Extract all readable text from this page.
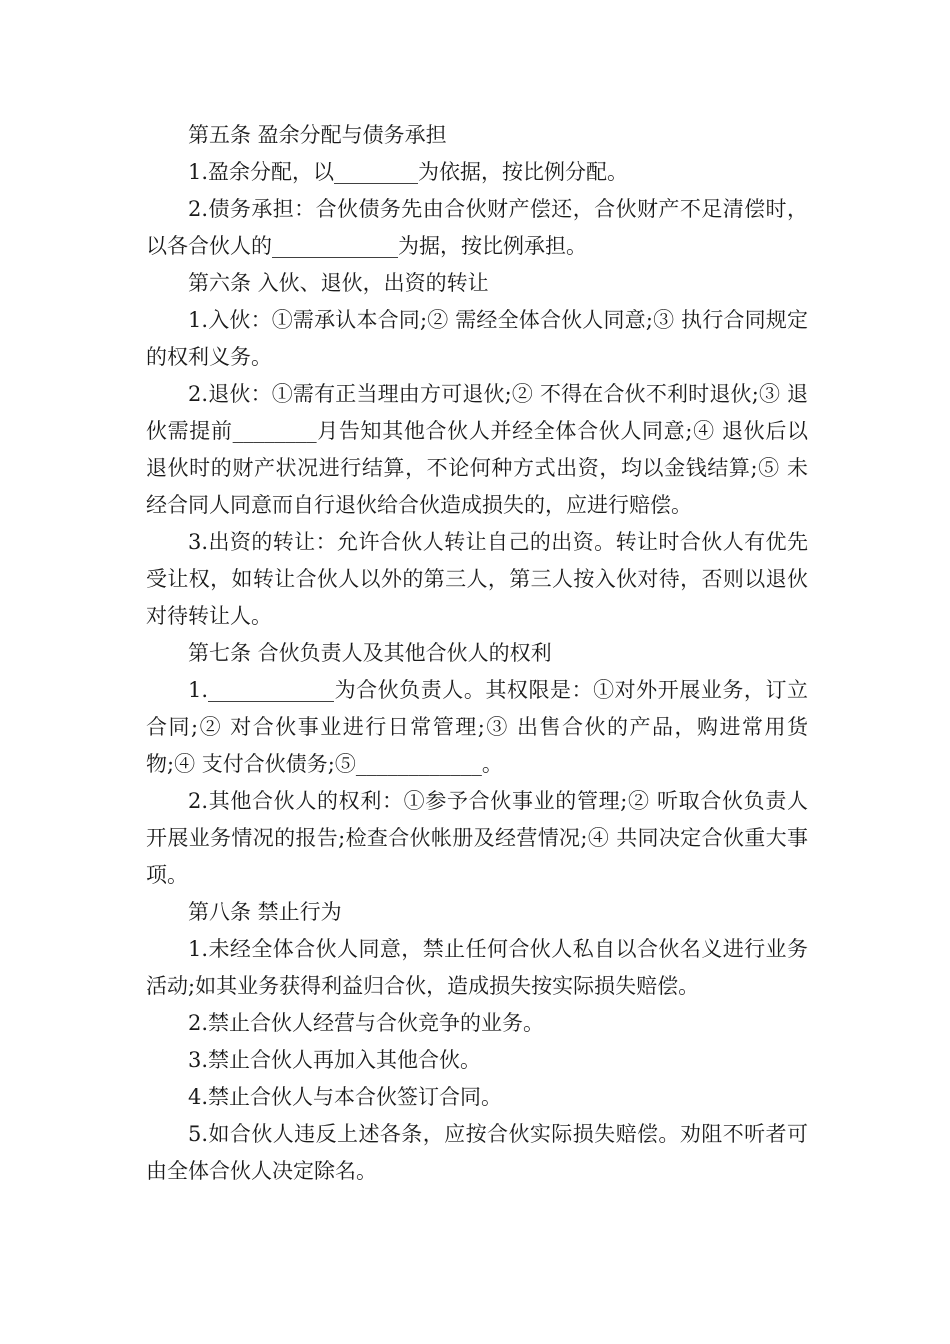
第五条 盈余分配与债务承担

1.盈余分配，以________为依据，按比例分配。

2.债务承担：合伙债务先由合伙财产偿还，合伙财产不足清偿时，以各合伙人的____________为据，按比例承担。

第六条 入伙、退伙，出资的转让

1.入伙：①需承认本合同;② 需经全体合伙人同意;③ 执行合同规定的权利义务。

2.退伙：①需有正当理由方可退伙;② 不得在合伙不利时退伙;③ 退伙需提前________月告知其他合伙人并经全体合伙人同意;④ 退伙后以退伙时的财产状况进行结算，不论何种方式出资，均以金钱结算;⑤ 未经合同人同意而自行退伙给合伙造成损失的，应进行赔偿。

3.出资的转让：允许合伙人转让自己的出资。转让时合伙人有优先受让权，如转让合伙人以外的第三人，第三人按入伙对待，否则以退伙对待转让人。

第七条 合伙负责人及其他合伙人的权利

1.____________为合伙负责人。其权限是：①对外开展业务，订立合同;② 对合伙事业进行日常管理;③ 出售合伙的产品，购进常用货物;④ 支付合伙债务;⑤____________。

2.其他合伙人的权利：①参予合伙事业的管理;② 听取合伙负责人开展业务情况的报告;检查合伙帐册及经营情况;④ 共同决定合伙重大事项。

第八条 禁止行为

1.未经全体合伙人同意，禁止任何合伙人私自以合伙名义进行业务活动;如其业务获得利益归合伙，造成损失按实际损失赔偿。

2.禁止合伙人经营与合伙竞争的业务。

3.禁止合伙人再加入其他合伙。

4.禁止合伙人与本合伙签订合同。

5.如合伙人违反上述各条，应按合伙实际损失赔偿。劝阻不听者可由全体合伙人决定除名。
